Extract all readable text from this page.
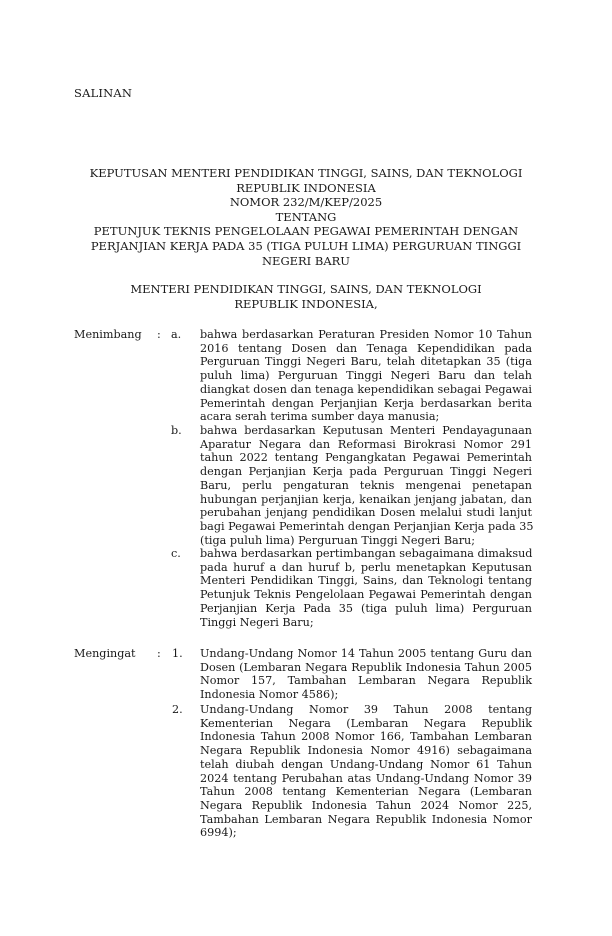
SALINAN
KEPUTUSAN MENTERI PENDIDIKAN TINGGI, SAINS, DAN TEKNOLOGI
REPUBLIK INDONESIA
NOMOR 232/M/KEP/2025
TENTANG
PETUNJUK TEKNIS PENGELOLAAN PEGAWAI PEMERINTAH DENGAN
PERJANJIAN KERJA PADA 35 (TIGA PULUH LIMA) PERGURUAN TINGGI
NEGERI BARU
MENTERI PENDIDIKAN TINGGI, SAINS, DAN TEKNOLOGI
REPUBLIK INDONESIA,
Menimbang : a. bahwa berdasarkan Peraturan Presiden Nomor 10 Tahun
2016 tentang Dosen dan Tenaga Kependidikan pada
Perguruan Tinggi Negeri Baru, telah ditetapkan 35 (tiga
puluh lima) Perguruan Tinggi Negeri Baru dan telah
diangkat dosen dan tenaga kependidikan sebagai Pegawai
Pemerintah dengan Perjanjian Kerja berdasarkan berita
acara serah terima sumber daya manusia;
b. bahwa berdasarkan Keputusan Menteri Pendayagunaan
Aparatur Negara dan Reformasi Birokrasi Nomor 291
tahun 2022 tentang Pengangkatan Pegawai Pemerintah
dengan Perjanjian Kerja pada Perguruan Tinggi Negeri
Baru, perlu pengaturan teknis mengenai penetapan
hubungan perjanjian kerja, kenaikan jenjang jabatan, dan
perubahan jenjang pendidikan Dosen melalui studi lanjut
bagi Pegawai Pemerintah dengan Perjanjian Kerja pada 35
(tiga puluh lima) Perguruan Tinggi Negeri Baru;
c. bahwa berdasarkan pertimbangan sebagaimana dimaksud
pada huruf a dan huruf b, perlu menetapkan Keputusan
Menteri Pendidikan Tinggi, Sains, dan Teknologi tentang
Petunjuk Teknis Pengelolaan Pegawai Pemerintah dengan
Perjanjian Kerja Pada 35 (tiga puluh lima) Perguruan
Tinggi Negeri Baru;
Mengingat : 1. Undang-Undang Nomor 14 Tahun 2005 tentang Guru dan
Dosen (Lembaran Negara Republik Indonesia Tahun 2005
Nomor 157, Tambahan Lembaran Negara Republik
Indonesia Nomor 4586);
2. Undang-Undang Nomor 39 Tahun 2008 tentang
Kementerian Negara (Lembaran Negara Republik
Indonesia Tahun 2008 Nomor 166, Tambahan Lembaran
Negara Republik Indonesia Nomor 4916) sebagaimana
telah diubah dengan Undang-Undang Nomor 61 Tahun
2024 tentang Perubahan atas Undang-Undang Nomor 39
Tahun 2008 tentang Kementerian Negara (Lembaran
Negara Republik Indonesia Tahun 2024 Nomor 225,
Tambahan Lembaran Negara Republik Indonesia Nomor
6994);
